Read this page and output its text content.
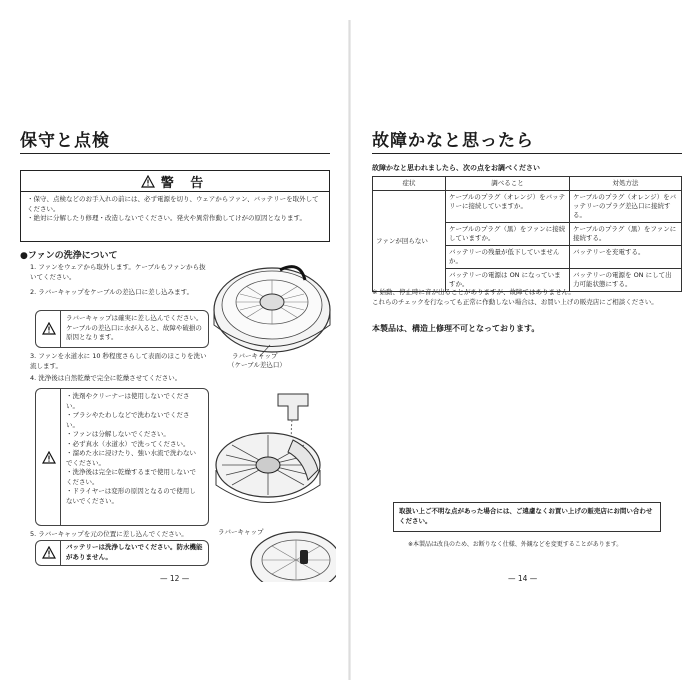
保守と点検
警 告
・保守、点検などのお手入れの前には、必ず電源を切り、ウェアからファン、バッテリーを取外してください。
・絶対に分解したり修理・改造しないでください。発火や異常作動してけがの原因となります。
●ファンの洗浄について
1. ファンをウェアから取外します。ケーブルもファンから抜いてください。
2. ラバーキャップをケーブルの差込口に差し込みます。
ラバーキャップは確実に差し込んでください。ケーブルの差込口に水が入ると、故障や破損の原因となります。
3. ファンを水道水に 10 秒程度さらして表面のほこりを洗い流します。
4. 洗浄後は自然乾燥で完全に乾燥させてください。
・洗剤やクリーナーは使用しないでください。
・ブラシやたわしなどで洗わないでください。
・ファンは分解しないでください。
・必ず真水（水道水）で洗ってください。
・溜めた水に浸けたり、強い水流で洗わないでください。
・洗浄後は完全に乾燥するまで使用しないでください。
・ドライヤーは変形の原因となるので使用しないでください。
5. ラバーキャップを元の位置に差し込んでください。
バッテリーは洗浄しないでください。防水機能がありません。
ラバーキャップ
（ケーブル差込口）
ラバーキャップ
— 12 —
故障かなと思ったら
故障かなと思われましたら、次の点をお調べください
症状	調べること	対処方法
ファンが回らない	ケーブルのプラグ（オレンジ）をバッテリーに接続していますか。	ケーブルのプラグ（オレンジ）をバッテリーのプラグ差込口に接続する。
	ケーブルのプラグ（黒）をファンに接続していますか。	ケーブルのプラグ（黒）をファンに接続する。
	バッテリーの残量が低下していませんか。	バッテリーを充電する。
	バッテリーの電源は ON になっていますか。	バッテリーの電源を ON にして出力可能状態にする。
※ 始動、停止時に音が出ることがありますが、故障ではありません。
これらのチェックを行なっても正常に作動しない場合は、お買い上げの販売店にご相談ください。
本製品は、構造上修理不可となっております。
取扱い上ご不明な点があった場合には、ご遠慮なくお買い上げの販売店にお問い合わせください。
※本製品は改良のため、お断りなく仕様、外観などを変更することがあります。
— 14 —
